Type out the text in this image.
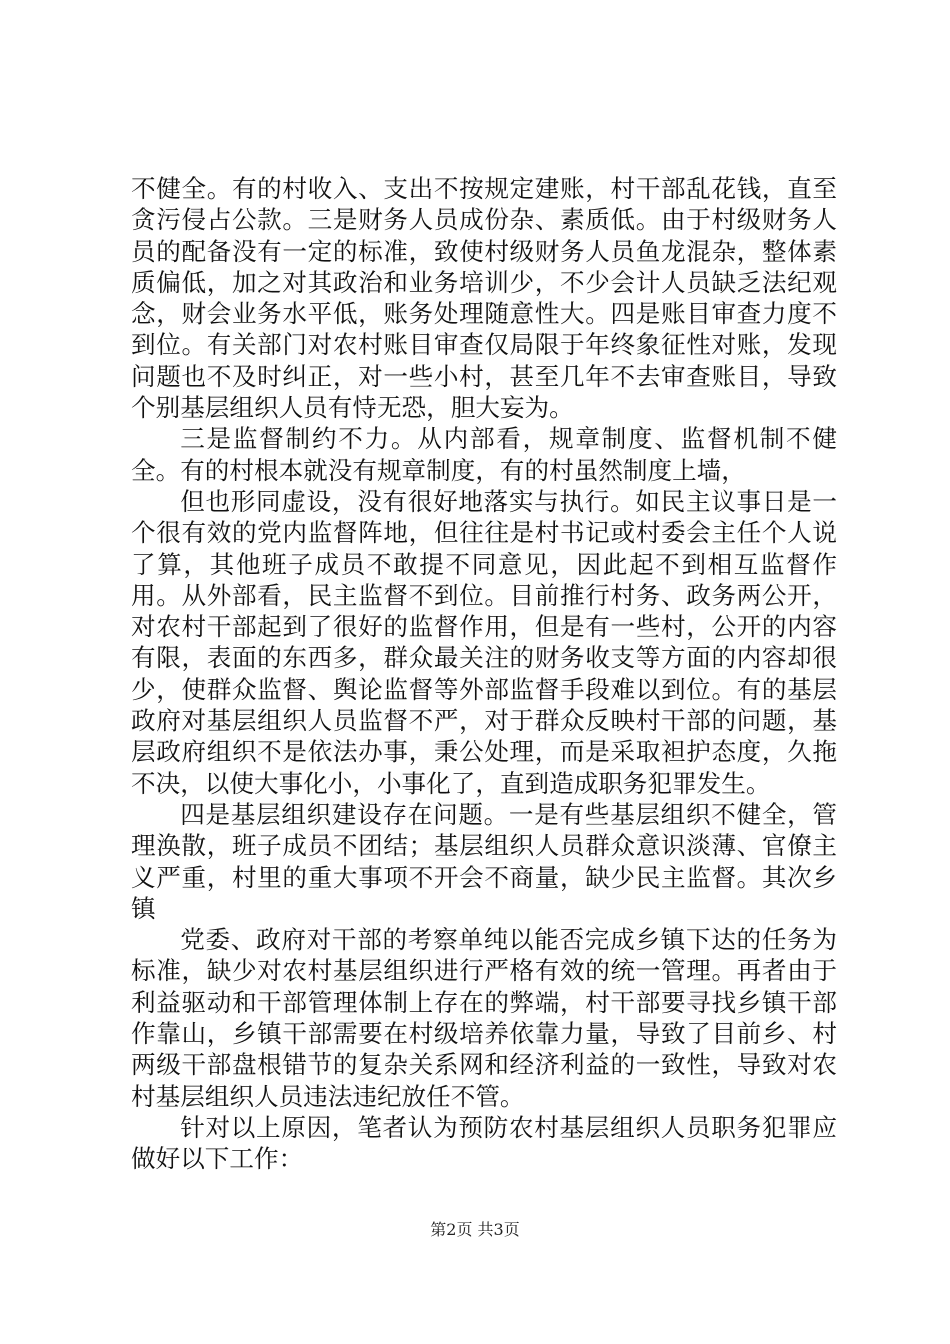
不健全。有的村收入、支出不按规定建账，村干部乱花钱，直至贪污侵占公款。三是财务人员成份杂、素质低。由于村级财务人员的配备没有一定的标准，致使村级财务人员鱼龙混杂，整体素质偏低，加之对其政治和业务培训少，不少会计人员缺乏法纪观念，财会业务水平低，账务处理随意性大。四是账目审查力度不到位。有关部门对农村账目审查仅局限于年终象征性对账，发现问题也不及时纠正，对一些小村，甚至几年不去审查账目，导致个别基层组织人员有恃无恐，胆大妄为。

三是监督制约不力。从内部看，规章制度、监督机制不健全。有的村根本就没有规章制度，有的村虽然制度上墙，

但也形同虚设，没有很好地落实与执行。如民主议事日是一个很有效的党内监督阵地，但往往是村书记或村委会主任个人说了算，其他班子成员不敢提不同意见，因此起不到相互监督作用。从外部看，民主监督不到位。目前推行村务、政务两公开，对农村干部起到了很好的监督作用，但是有一些村，公开的内容有限，表面的东西多，群众最关注的财务收支等方面的内容却很少，使群众监督、舆论监督等外部监督手段难以到位。有的基层政府对基层组织人员监督不严，对于群众反映村干部的问题，基层政府组织不是依法办事，秉公处理，而是采取袒护态度，久拖不决，以使大事化小，小事化了，直到造成职务犯罪发生。

四是基层组织建设存在问题。一是有些基层组织不健全，管理涣散，班子成员不团结；基层组织人员群众意识淡薄、官僚主义严重，村里的重大事项不开会不商量，缺少民主监督。其次乡镇

党委、政府对干部的考察单纯以能否完成乡镇下达的任务为标准，缺少对农村基层组织进行严格有效的统一管理。再者由于利益驱动和干部管理体制上存在的弊端，村干部要寻找乡镇干部作靠山，乡镇干部需要在村级培养依靠力量，导致了目前乡、村两级干部盘根错节的复杂关系网和经济利益的一致性，导致对农村基层组织人员违法违纪放任不管。

针对以上原因，笔者认为预防农村基层组织人员职务犯罪应做好以下工作：

第2页 共3页
